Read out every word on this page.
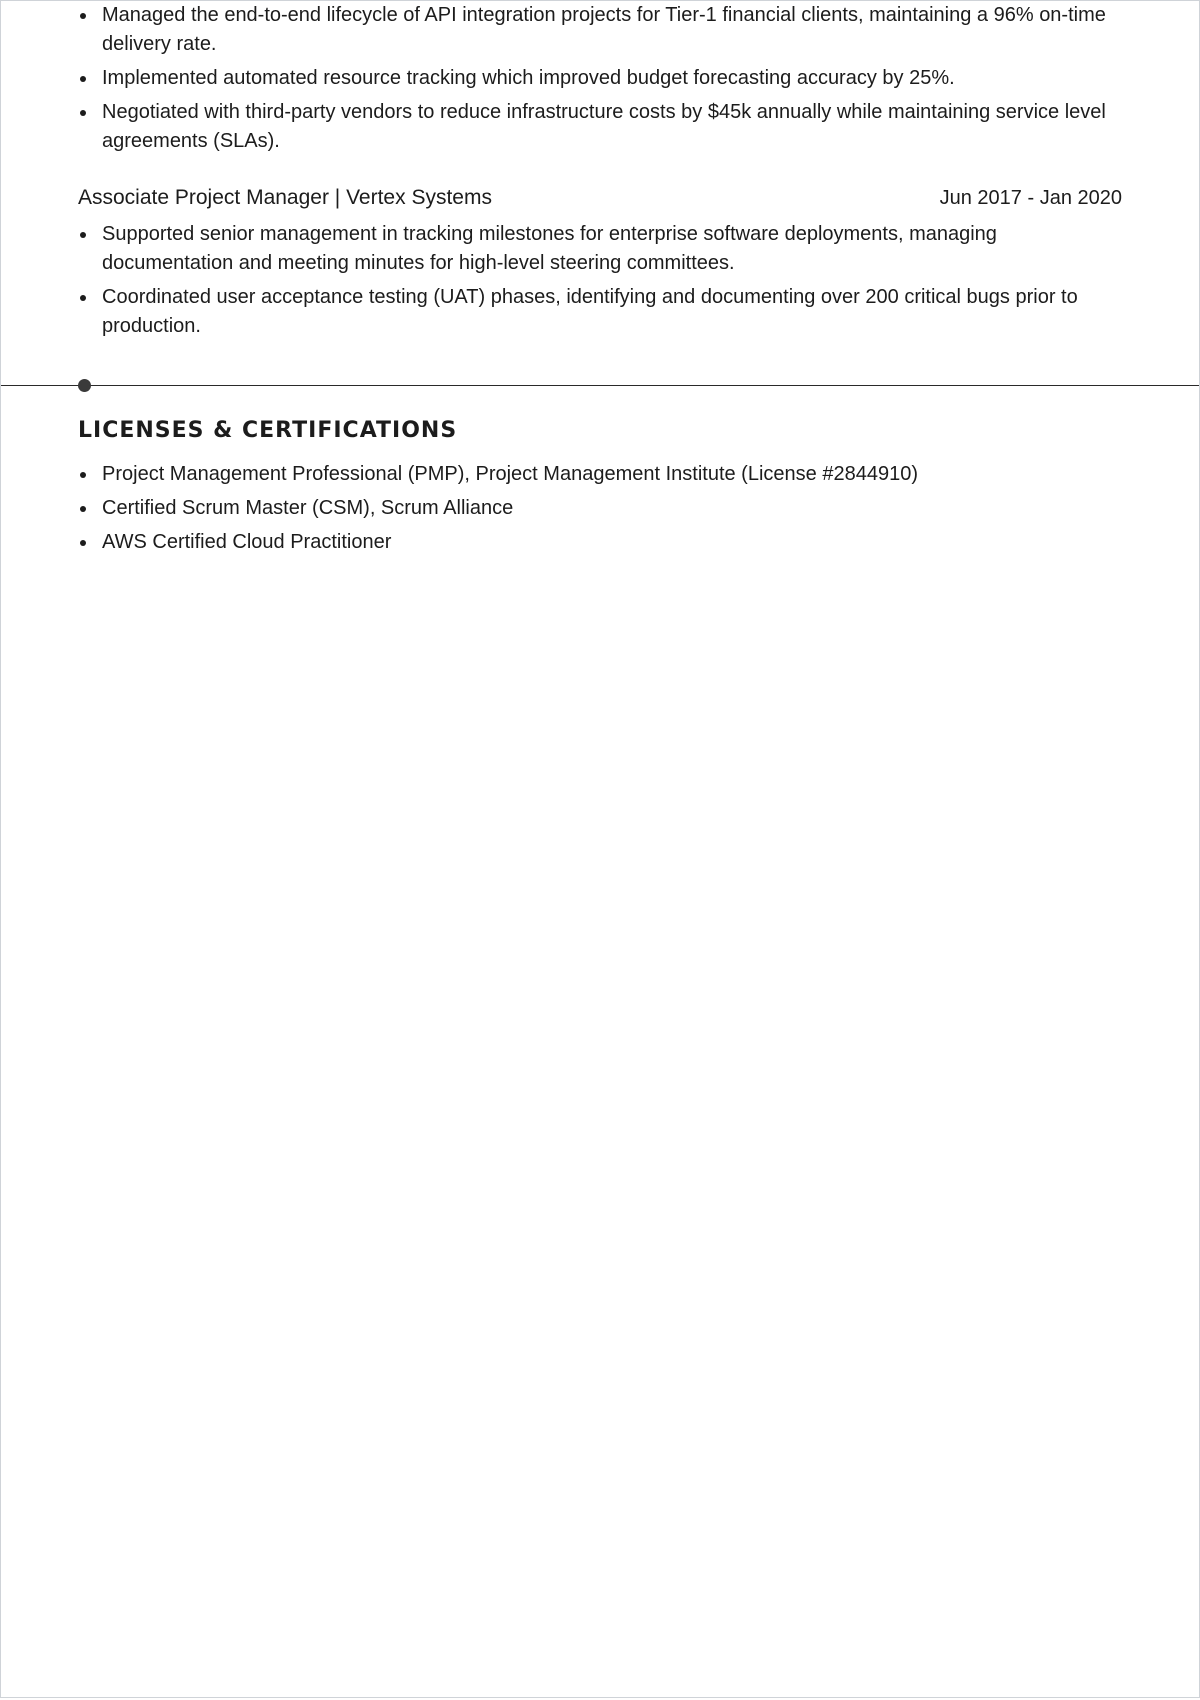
Managed the end-to-end lifecycle of API integration projects for Tier-1 financial clients, maintaining a 96% on-time delivery rate.
Implemented automated resource tracking which improved budget forecasting accuracy by 25%.
Negotiated with third-party vendors to reduce infrastructure costs by $45k annually while maintaining service level agreements (SLAs).
Associate Project Manager | Vertex Systems	Jun 2017 - Jan 2020
Supported senior management in tracking milestones for enterprise software deployments, managing documentation and meeting minutes for high-level steering committees.
Coordinated user acceptance testing (UAT) phases, identifying and documenting over 200 critical bugs prior to production.
LICENSES & CERTIFICATIONS
Project Management Professional (PMP), Project Management Institute (License #2844910)
Certified Scrum Master (CSM), Scrum Alliance
AWS Certified Cloud Practitioner
